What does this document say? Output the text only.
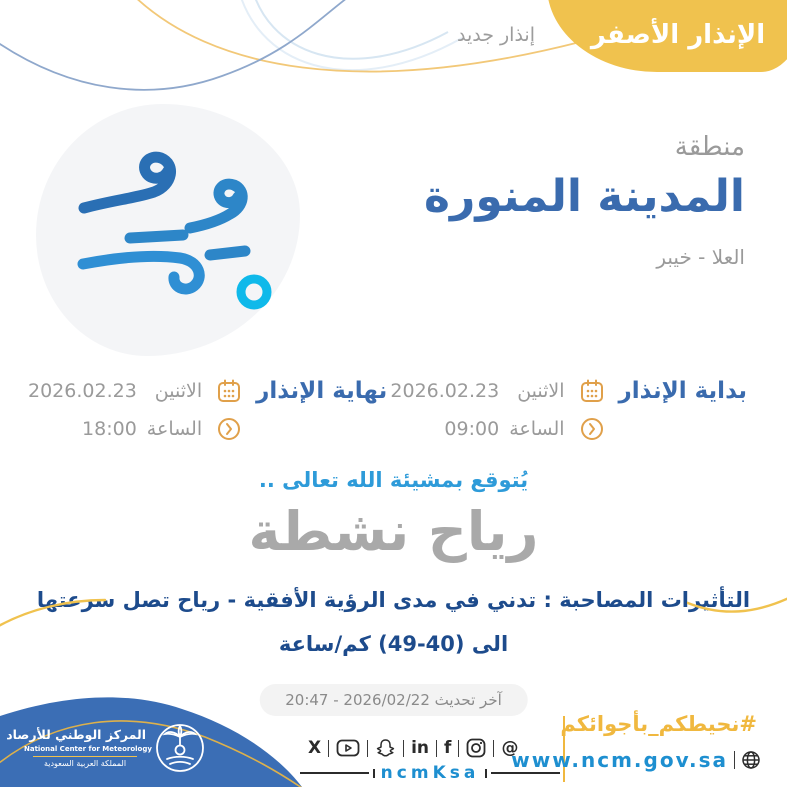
الإنذار الأصفر
إنذار جديد
منطقة
المدينة المنورة
العلا - خيبر
بداية الإنذار
الاثنين
2026.02.23
الساعة
09:00
نهاية الإنذار
الاثنين
2026.02.23
الساعة
18:00
يُتوقع بمشيئة الله تعالى ..
رياح نشطة
التأثيرات المصاحبة : تدني في مدى الرؤية الأفقية - رياح تصل سرعتها
الى (40-49) كم/ساعة
آخر تحديث 2026/02/22 - 20:47
المركز الوطني للأرصاد
National Center for Meteorology
المملكة العربية السعودية
X	in f	@
ncmKsa
#نحيطكم_بأجوائكم
www.ncm.gov.sa
